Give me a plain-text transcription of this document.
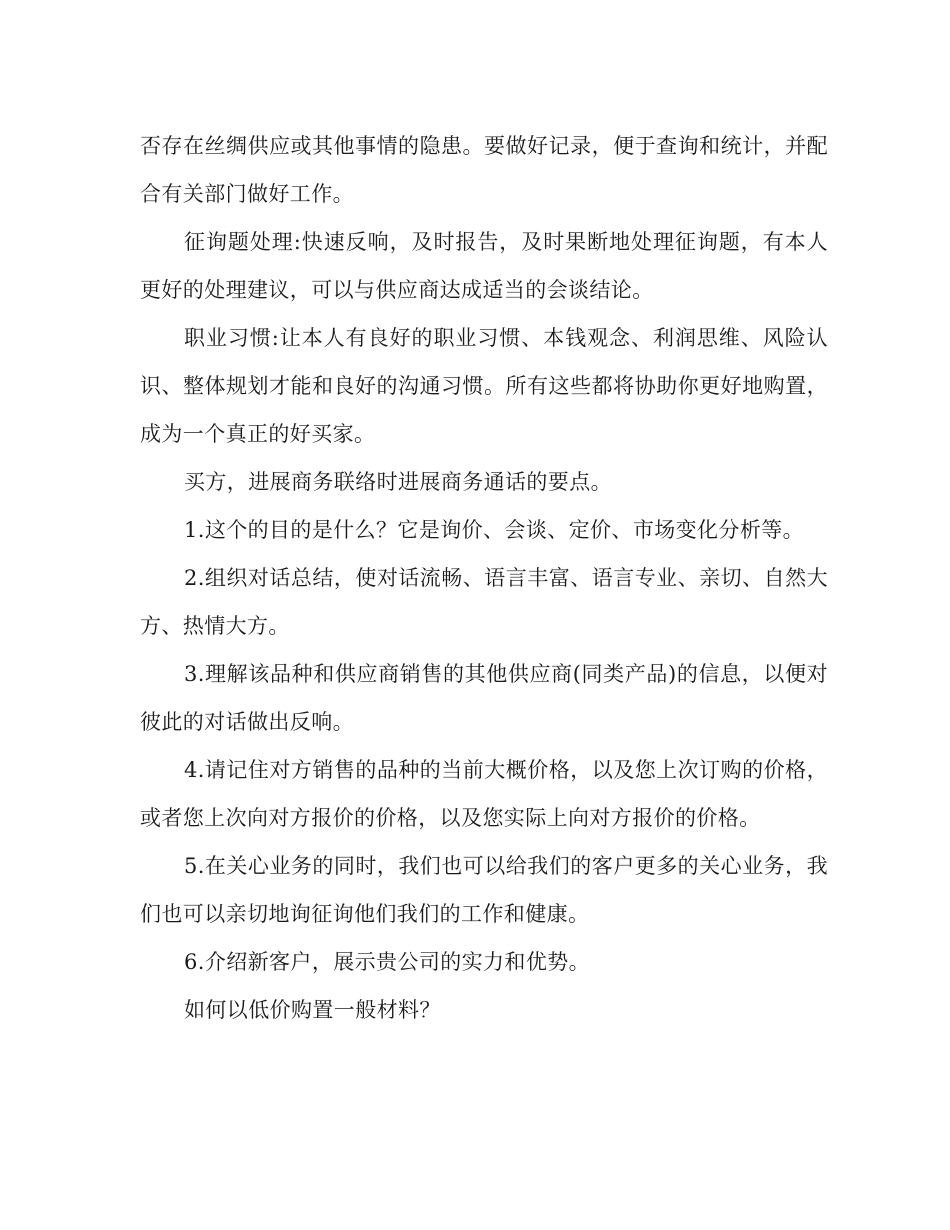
否存在丝绸供应或其他事情的隐患。要做好记录，便于查询和统计，并配合有关部门做好工作。

征询题处理:快速反响，及时报告，及时果断地处理征询题，有本人更好的处理建议，可以与供应商达成适当的会谈结论。

职业习惯:让本人有良好的职业习惯、本钱观念、利润思维、风险认识、整体规划才能和良好的沟通习惯。所有这些都将协助你更好地购置，成为一个真正的好买家。

买方，进展商务联络时进展商务通话的要点。

1.这个的目的是什么？它是询价、会谈、定价、市场变化分析等。

2.组织对话总结，使对话流畅、语言丰富、语言专业、亲切、自然大方、热情大方。

3.理解该品种和供应商销售的其他供应商(同类产品)的信息，以便对彼此的对话做出反响。

4.请记住对方销售的品种的当前大概价格，以及您上次订购的价格，或者您上次向对方报价的价格，以及您实际上向对方报价的价格。

5.在关心业务的同时，我们也可以给我们的客户更多的关心业务，我们也可以亲切地询征询他们我们的工作和健康。

6.介绍新客户，展示贵公司的实力和优势。

如何以低价购置一般材料？
